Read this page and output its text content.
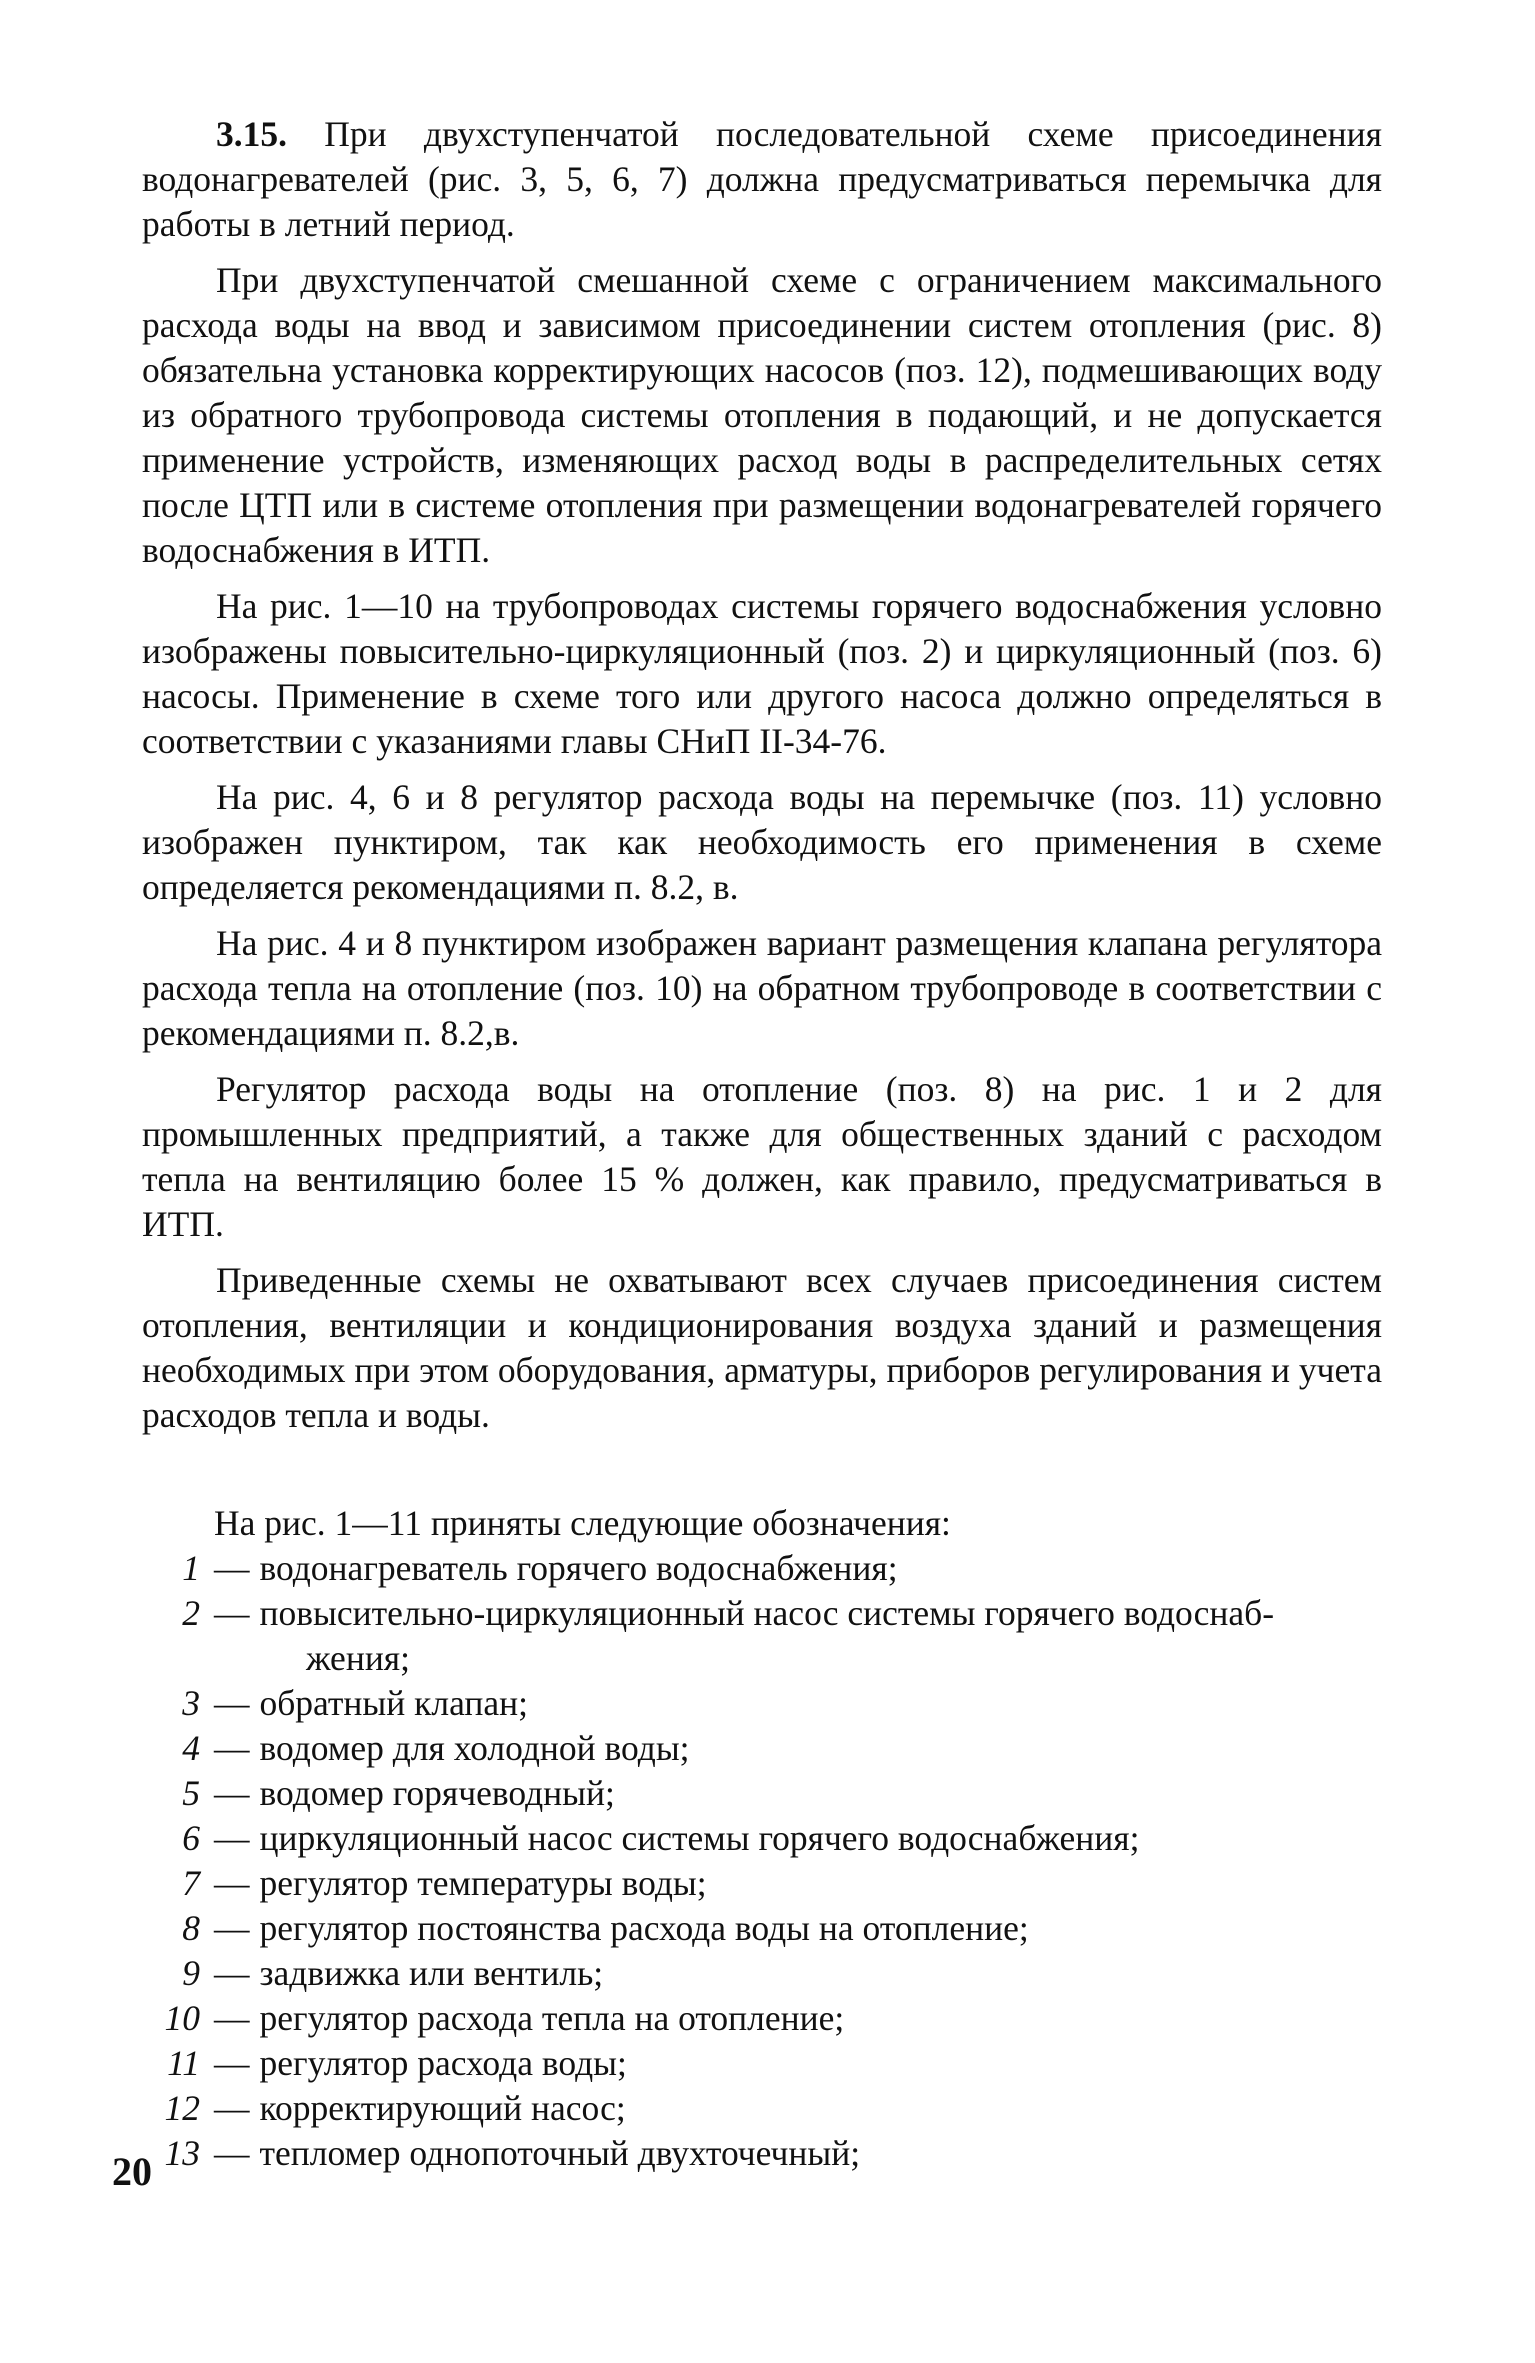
3.15. При двухступенчатой последовательной схеме присоединения водонагревателей (рис. 3, 5, 6, 7) должна предусматриваться перемычка для работы в летний период.

При двухступенчатой смешанной схеме с ограничением максимального расхода воды на ввод и зависимом присоединении систем отопления (рис. 8) обязательна установка корректирующих насосов (поз. 12), подмешивающих воду из обратного трубопровода системы отопления в подающий, и не допускается применение устройств, изменяющих расход воды в распределительных сетях после ЦТП или в системе отопления при размещении водонагревателей горячего водоснабжения в ИТП.

На рис. 1—10 на трубопроводах системы горячего водоснабжения условно изображены повысительно-циркуляционный (поз. 2) и циркуляционный (поз. 6) насосы. Применение в схеме того или другого насоса должно определяться в соответствии с указаниями главы СНиП II-34-76.

На рис. 4, 6 и 8 регулятор расхода воды на перемычке (поз. 11) условно изображен пунктиром, так как необходимость его применения в схеме определяется рекомендациями п. 8.2, в.

На рис. 4 и 8 пунктиром изображен вариант размещения клапана регулятора расхода тепла на отопление (поз. 10) на обратном трубопроводе в соответствии с рекомендациями п. 8.2,в.

Регулятор расхода воды на отопление (поз. 8) на рис. 1 и 2 для промышленных предприятий, а также для общественных зданий с расходом тепла на вентиляцию более 15 % должен, как правило, предусматриваться в ИТП.

Приведенные схемы не охватывают всех случаев присоединения систем отопления, вентиляции и кондиционирования воздуха зданий и размещения необходимых при этом оборудования, арматуры, приборов регулирования и учета расходов тепла и воды.

На рис. 1—11 приняты следующие обозначения:
1 — водонагреватель горячего водоснабжения;
2 — повысительно-циркуляционный насос системы горячего водоснаб-
жения;
3 — обратный клапан;
4 — водомер для холодной воды;
5 — водомер горячеводный;
6 — циркуляционный насос системы горячего водоснабжения;
7 — регулятор температуры воды;
8 — регулятор постоянства расхода воды на отопление;
9 — задвижка или вентиль;
10 — регулятор расхода тепла на отопление;
11 — регулятор расхода воды;
12 — корректирующий насос;
13 — тепломер однопоточный двухточечный;
20
